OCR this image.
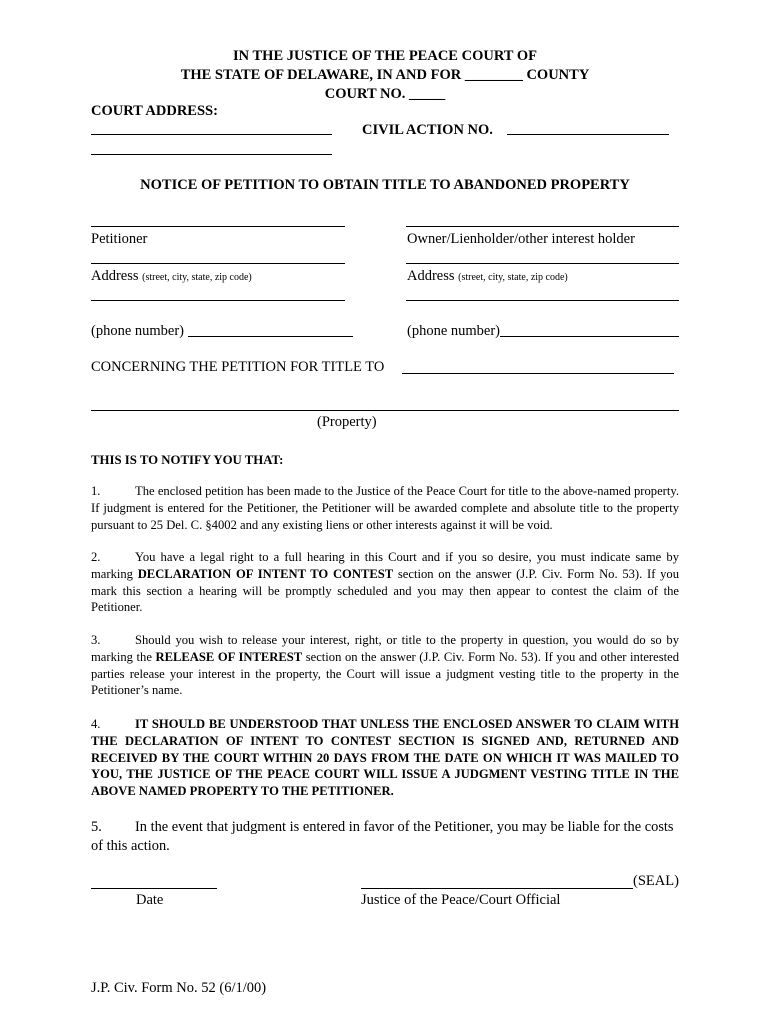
IN THE JUSTICE OF THE PEACE COURT OF
THE STATE OF DELAWARE, IN AND FOR ________ COUNTY
COURT NO. _____
COURT ADDRESS:
CIVIL ACTION NO.
NOTICE OF PETITION TO OBTAIN TITLE TO ABANDONED PROPERTY
Petitioner	Owner/Lienholder/other interest holder
Address (street, city, state, zip code)	Address (street, city, state, zip code)
(phone number)	(phone number)
CONCERNING THE PETITION FOR TITLE TO
(Property)
THIS IS TO NOTIFY YOU THAT:
1.	The enclosed petition has been made to the Justice of the Peace Court for title to the above-named property. If judgment is entered for the Petitioner, the Petitioner will be awarded complete and absolute title to the property pursuant to 25 Del. C. §4002 and any existing liens or other interests against it will be void.
2.	You have a legal right to a full hearing in this Court and if you so desire, you must indicate same by marking DECLARATION OF INTENT TO CONTEST section on the answer (J.P. Civ. Form No. 53). If you mark this section a hearing will be promptly scheduled and you may then appear to contest the claim of the Petitioner.
3.	Should you wish to release your interest, right, or title to the property in question, you would do so by marking the RELEASE OF INTEREST section on the answer (J.P. Civ. Form No. 53). If you and other interested parties release your interest in the property, the Court will issue a judgment vesting title to the property in the Petitioner’s name.
4.	IT SHOULD BE UNDERSTOOD THAT UNLESS THE ENCLOSED ANSWER TO CLAIM WITH THE DECLARATION OF INTENT TO CONTEST SECTION IS SIGNED AND, RETURNED AND RECEIVED BY THE COURT WITHIN 20 DAYS FROM THE DATE ON WHICH IT WAS MAILED TO YOU, THE JUSTICE OF THE PEACE COURT WILL ISSUE A JUDGMENT VESTING TITLE IN THE ABOVE NAMED PROPERTY TO THE PETITIONER.
5. In the event that judgment is entered in favor of the Petitioner, you may be liable for the costs of this action.
(SEAL)
Date	Justice of the Peace/Court Official
J.P. Civ. Form No. 52 (6/1/00)
